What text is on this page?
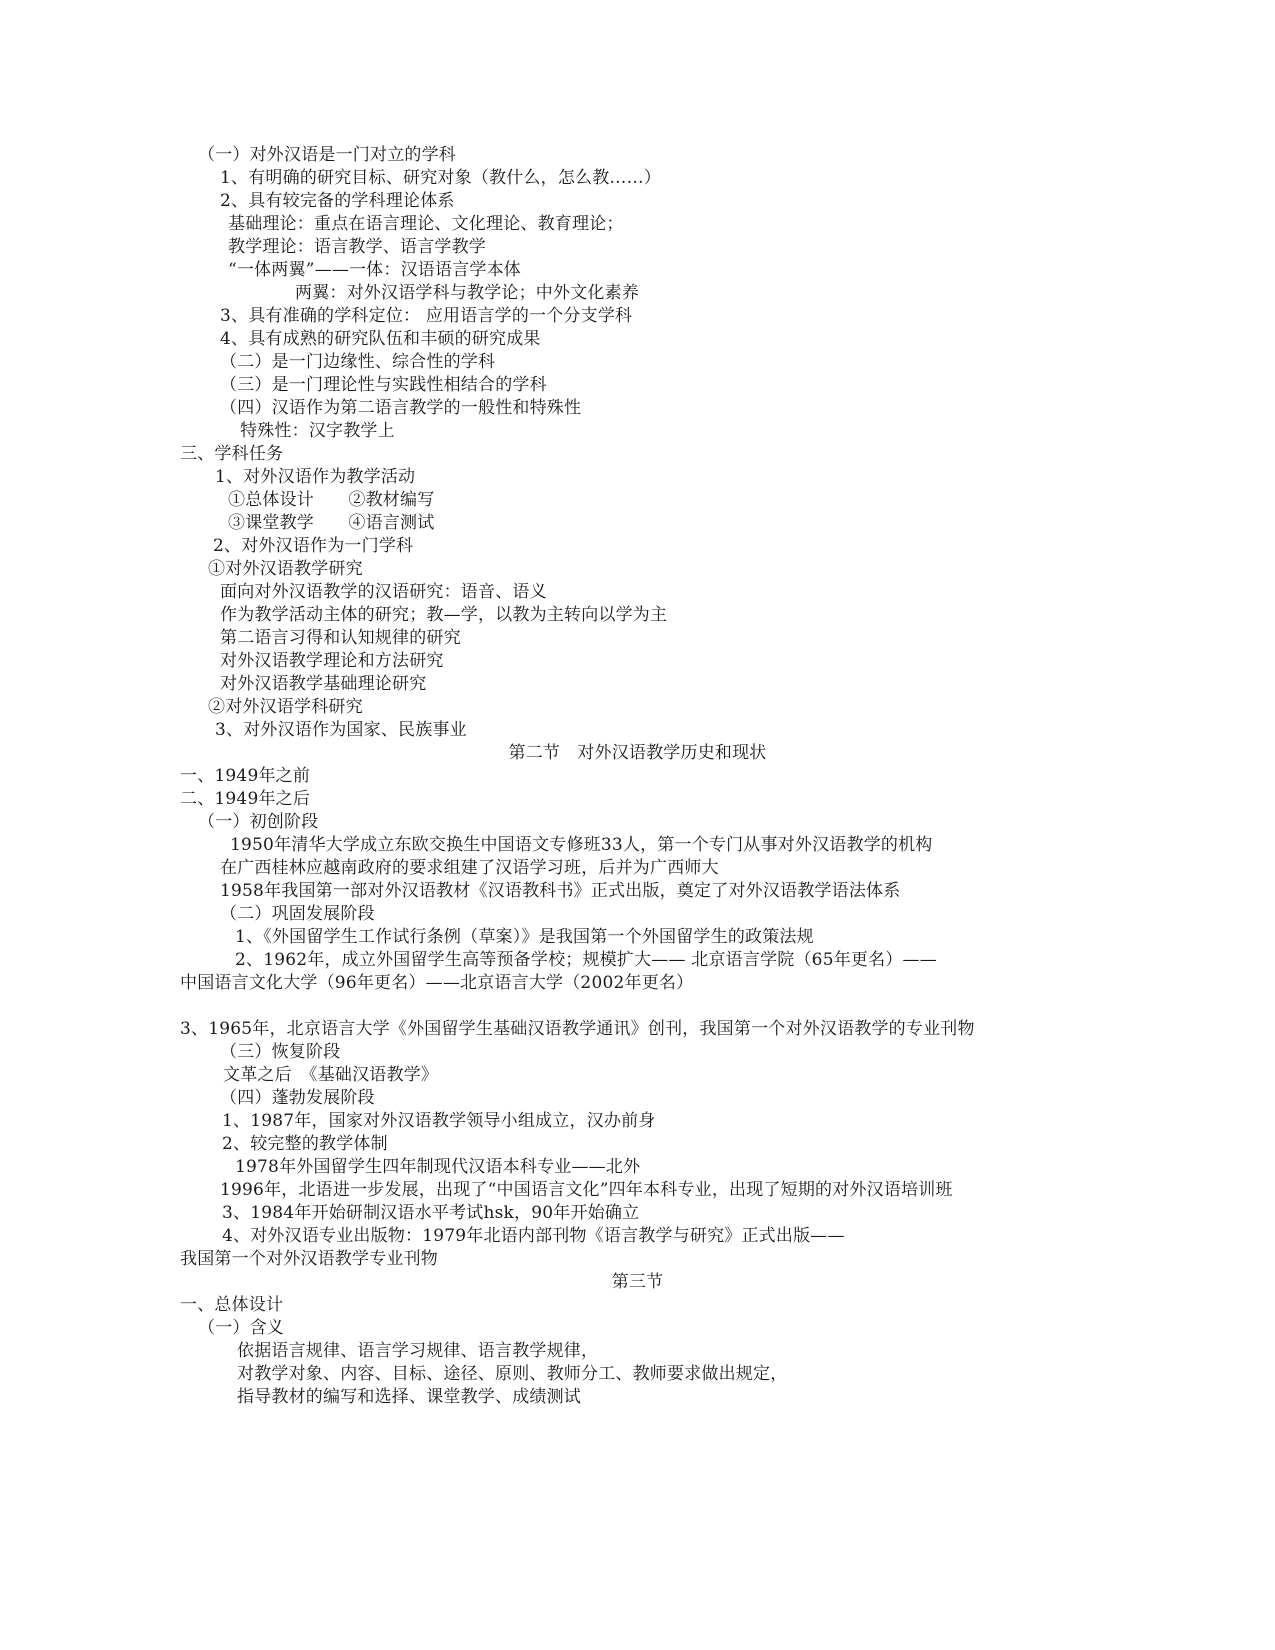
（一）对外汉语是一门对立的学科
1、有明确的研究目标、研究对象（教什么，怎么教……）
2、具有较完备的学科理论体系
基础理论：重点在语言理论、文化理论、教育理论；
教学理论：语言教学、语言学教学
“一体两翼”——一体：汉语语言学本体
两翼：对外汉语学科与教学论；中外文化素养
3、具有准确的学科定位： 应用语言学的一个分支学科
4、具有成熟的研究队伍和丰硕的研究成果
（二）是一门边缘性、综合性的学科
（三）是一门理论性与实践性相结合的学科
（四）汉语作为第二语言教学的一般性和特殊性
特殊性：汉字教学上
三、学科任务
1、对外汉语作为教学活动
①总体设计　　②教材编写
③课堂教学　　④语言测试
2、对外汉语作为一门学科
①对外汉语教学研究
面向对外汉语教学的汉语研究：语音、语义
作为教学活动主体的研究；教—学，以教为主转向以学为主
第二语言习得和认知规律的研究
对外汉语教学理论和方法研究
对外汉语教学基础理论研究
②对外汉语学科研究
3、对外汉语作为国家、民族事业
第二节　对外汉语教学历史和现状
一、1949年之前
二、1949年之后
（一）初创阶段
1950年清华大学成立东欧交换生中国语文专修班33人，第一个专门从事对外汉语教学的机构
在广西桂林应越南政府的要求组建了汉语学习班，后并为广西师大
1958年我国第一部对外汉语教材《汉语教科书》正式出版，奠定了对外汉语教学语法体系
（二）巩固发展阶段
1、《外国留学生工作试行条例（草案）》是我国第一个外国留学生的政策法规
2、1962年，成立外国留学生高等预备学校；规模扩大—— 北京语言学院（65年更名）——
中国语言文化大学（96年更名）——北京语言大学（2002年更名）
3、1965年，北京语言大学《外国留学生基础汉语教学通讯》创刊，我国第一个对外汉语教学的专业刊物
（三）恢复阶段
文革之后　《基础汉语教学》
（四）蓬勃发展阶段
1、1987年，国家对外汉语教学领导小组成立，汉办前身
2、较完整的教学体制
1978年外国留学生四年制现代汉语本科专业——北外
1996年，北语进一步发展，出现了“中国语言文化”四年本科专业，出现了短期的对外汉语培训班
3、1984年开始研制汉语水平考试hsk，90年开始确立
4、对外汉语专业出版物：1979年北语内部刊物《语言教学与研究》正式出版——
我国第一个对外汉语教学专业刊物
第三节
一、总体设计
（一）含义
依据语言规律、语言学习规律、语言教学规律，
对教学对象、内容、目标、途径、原则、教师分工、教师要求做出规定，
指导教材的编写和选择、课堂教学、成绩测试
